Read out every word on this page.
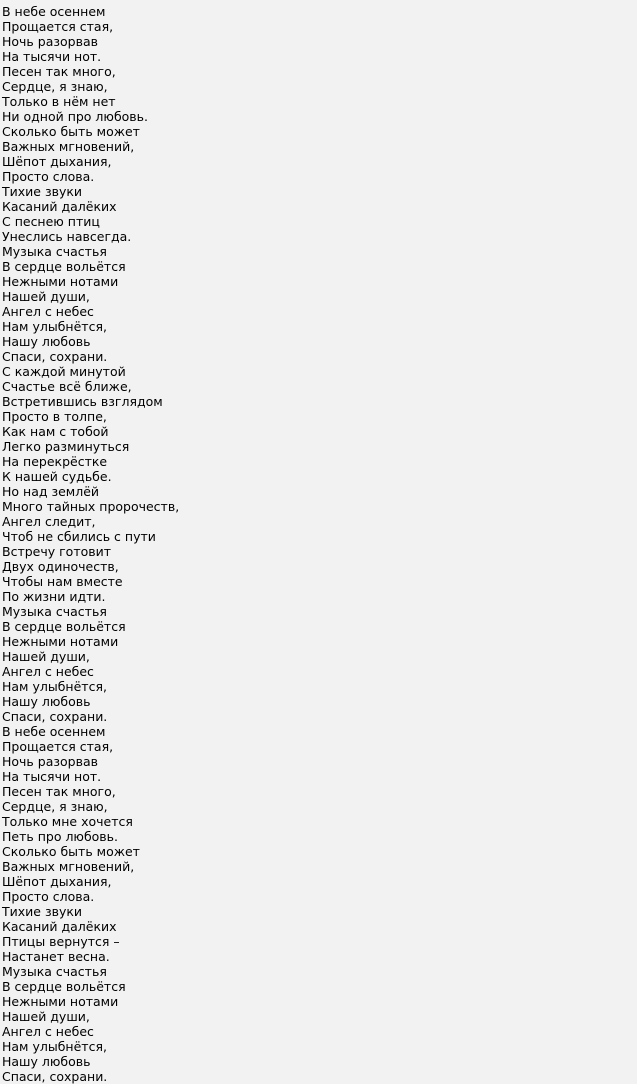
В небе осеннем
Прощается стая,
Ночь разорвав
На тысячи нот.
Песен так много,
Сердце, я знаю,
Только в нём нет
Ни одной про любовь.
Сколько быть может
Важных мгновений,
Шёпот дыхания,
Просто слова.
Тихие звуки
Касаний далёких
С песнею птиц
Унеслись навсегда.
Музыка счастья
В сердце вольётся
Нежными нотами
Нашей души,
Ангел с небес
Нам улыбнётся,
Нашу любовь
Спаси, сохрани.
С каждой минутой
Счастье всё ближе,
Встретившись взглядом
Просто в толпе,
Как нам с тобой
Легко разминуться
На перекрёстке
К нашей судьбе.
Но над землёй
Много тайных пророчеств,
Ангел следит,
Чтоб не сбились с пути
Встречу готовит
Двух одиночеств,
Чтобы нам вместе
По жизни идти.
Музыка счастья
В сердце вольётся
Нежными нотами
Нашей души,
Ангел с небес
Нам улыбнётся,
Нашу любовь
Спаси, сохрани.
В небе осеннем
Прощается стая,
Ночь разорвав
На тысячи нот.
Песен так много,
Сердце, я знаю,
Только мне хочется
Петь про любовь.
Сколько быть может
Важных мгновений,
Шёпот дыхания,
Просто слова.
Тихие звуки
Касаний далёких
Птицы вернутся –
Настанет весна.
Музыка счастья
В сердце вольётся
Нежными нотами
Нашей души,
Ангел с небес
Нам улыбнётся,
Нашу любовь
Спаси, сохрани.
